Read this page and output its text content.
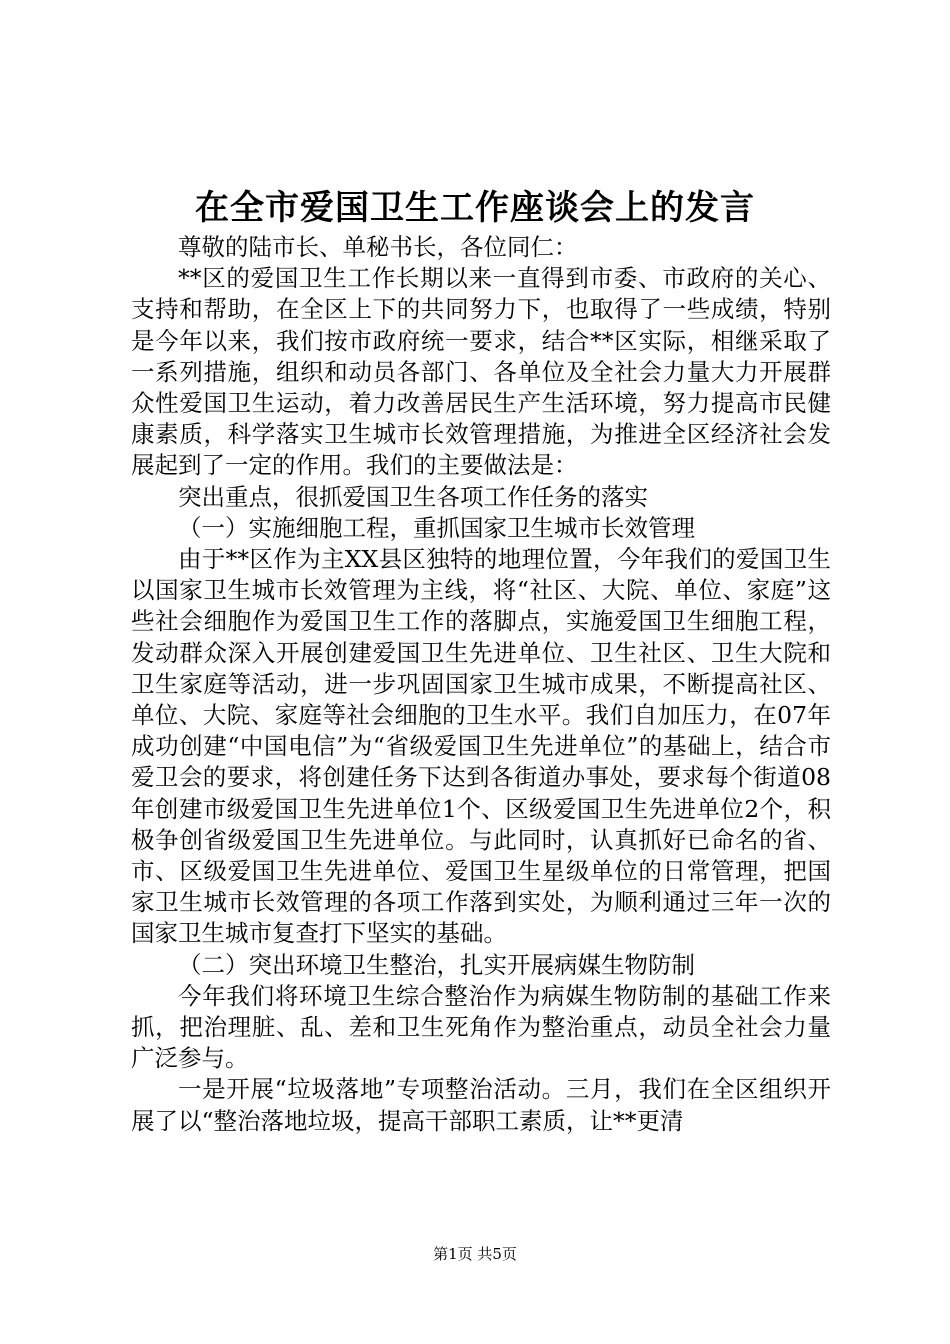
在全市爱国卫生工作座谈会上的发言

尊敬的陆市长、单秘书长，各位同仁：

**区的爱国卫生工作长期以来一直得到市委、市政府的关心、支持和帮助，在全区上下的共同努力下，也取得了一些成绩，特别是今年以来，我们按市政府统一要求，结合**区实际，相继采取了一系列措施，组织和动员各部门、各单位及全社会力量大力开展群众性爱国卫生运动，着力改善居民生产生活环境，努力提高市民健康素质，科学落实卫生城市长效管理措施，为推进全区经济社会发展起到了一定的作用。我们的主要做法是：

突出重点，很抓爱国卫生各项工作任务的落实

（一）实施细胞工程，重抓国家卫生城市长效管理

由于**区作为主XX县区独特的地理位置，今年我们的爱国卫生以国家卫生城市长效管理为主线，将“社区、大院、单位、家庭”这些社会细胞作为爱国卫生工作的落脚点，实施爱国卫生细胞工程，发动群众深入开展创建爱国卫生先进单位、卫生社区、卫生大院和卫生家庭等活动，进一步巩固国家卫生城市成果，不断提高社区、单位、大院、家庭等社会细胞的卫生水平。我们自加压力，在07年成功创建“中国电信”为“省级爱国卫生先进单位”的基础上，结合市爱卫会的要求，将创建任务下达到各街道办事处，要求每个街道08年创建市级爱国卫生先进单位1个、区级爱国卫生先进单位2个，积极争创省级爱国卫生先进单位。与此同时，认真抓好已命名的省、市、区级爱国卫生先进单位、爱国卫生星级单位的日常管理，把国家卫生城市长效管理的各项工作落到实处，为顺利通过三年一次的国家卫生城市复查打下坚实的基础。

（二）突出环境卫生整治，扎实开展病媒生物防制

今年我们将环境卫生综合整治作为病媒生物防制的基础工作来抓，把治理脏、乱、差和卫生死角作为整治重点，动员全社会力量广泛参与。

一是开展“垃圾落地”专项整治活动。三月，我们在全区组织开展了以“整治落地垃圾，提高干部职工素质，让**更清

第1页 共5页
